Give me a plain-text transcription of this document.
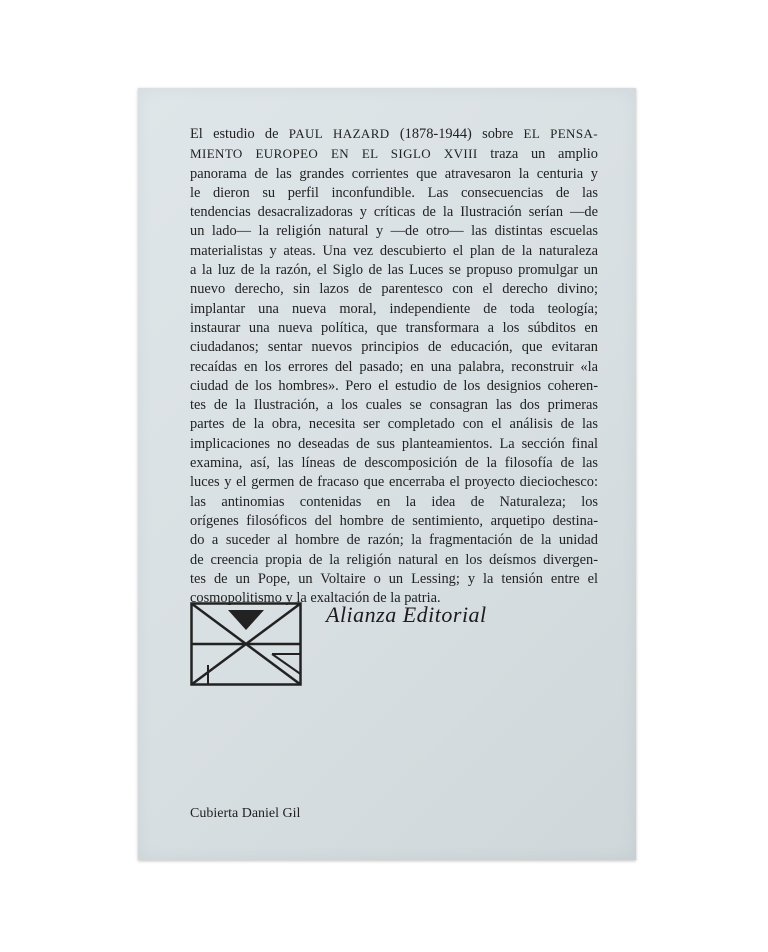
El estudio de PAUL HAZARD (1878-1944) sobre EL PENSA-
MIENTO EUROPEO EN EL SIGLO XVIII traza un amplio
panorama de las grandes corrientes que atravesaron la centuria y
le dieron su perfil inconfundible. Las consecuencias de las
tendencias desacralizadoras y críticas de la Ilustración serían —de
un lado— la religión natural y —de otro— las distintas escuelas
materialistas y ateas. Una vez descubierto el plan de la naturaleza
a la luz de la razón, el Siglo de las Luces se propuso promulgar un
nuevo derecho, sin lazos de parentesco con el derecho divino;
implantar una nueva moral, independiente de toda teología;
instaurar una nueva política, que transformara a los súbditos en
ciudadanos; sentar nuevos principios de educación, que evitaran
recaídas en los errores del pasado; en una palabra, reconstruir «la
ciudad de los hombres». Pero el estudio de los designios coheren-
tes de la Ilustración, a los cuales se consagran las dos primeras
partes de la obra, necesita ser completado con el análisis de las
implicaciones no deseadas de sus planteamientos. La sección final
examina, así, las líneas de descomposición de la filosofía de las
luces y el germen de fracaso que encerraba el proyecto dieciochesco:
las antinomias contenidas en la idea de Naturaleza; los
orígenes filosóficos del hombre de sentimiento, arquetipo destina-
do a suceder al hombre de razón; la fragmentación de la unidad
de creencia propia de la religión natural en los deísmos divergen-
tes de un Pope, un Voltaire o un Lessing; y la tensión entre el
cosmopolitismo y la exaltación de la patria.

Alianza Editorial
Cubierta Daniel Gil
